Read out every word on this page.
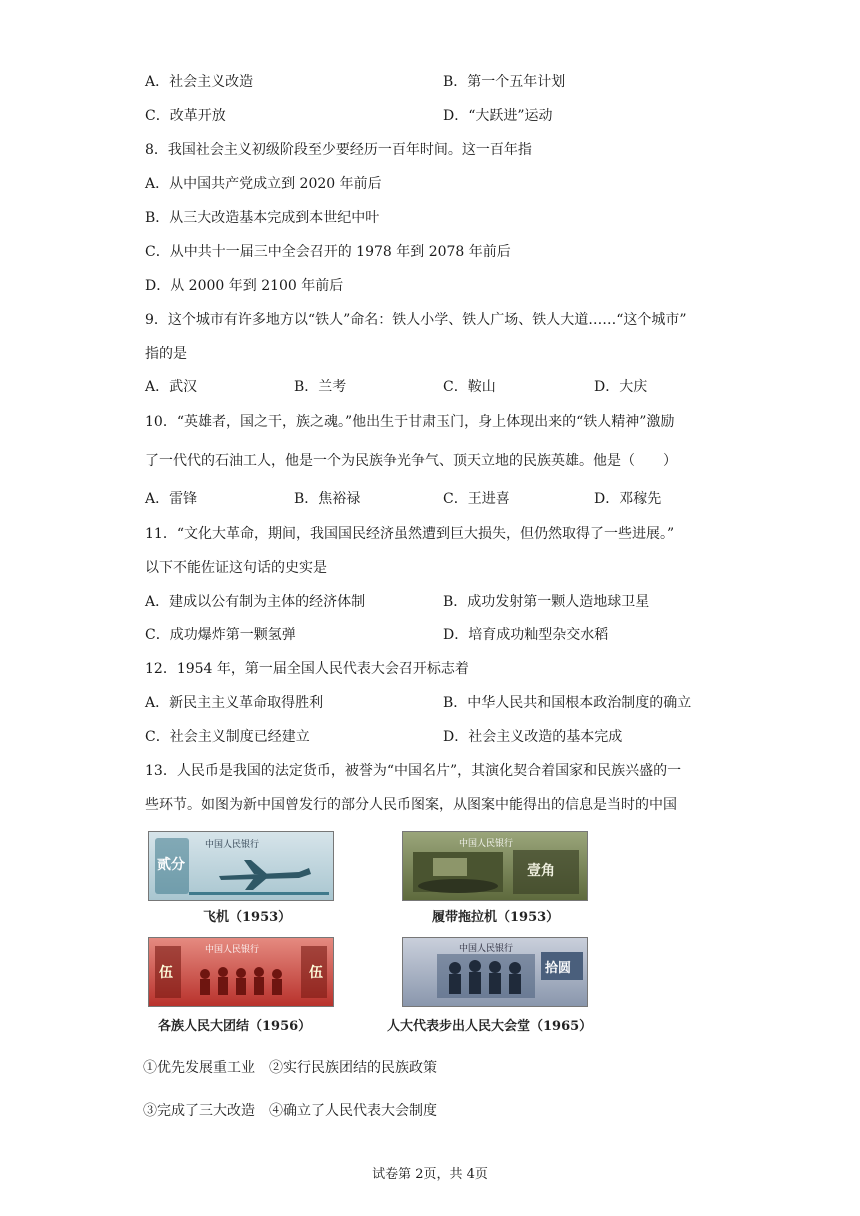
A．社会主义改造	B．第一个五年计划
C．改革开放	D．“大跃进”运动
8．我国社会主义初级阶段至少要经历一百年时间。这一百年指
A．从中国共产党成立到 2020 年前后
B．从三大改造基本完成到本世纪中叶
C．从中共十一届三中全会召开的 1978 年到 2078 年前后
D．从 2000 年到 2100 年前后
9．这个城市有许多地方以“铁人”命名：铁人小学、铁人广场、铁人大道……“这个城市”
指的是
A．武汉	B．兰考	C．鞍山	D．大庆
10．“英雄者，国之干，族之魂。”他出生于甘肃玉门，身上体现出来的“铁人精神”激励
了一代代的石油工人，他是一个为民族争光争气、顶天立地的民族英雄。他是（　　）
A．雷锋	B．焦裕禄	C．王进喜	D．邓稼先
11．“文化大革命，期间，我国国民经济虽然遭到巨大损失，但仍然取得了一些进展。”
以下不能佐证这句话的史实是
A．建成以公有制为主体的经济体制	B．成功发射第一颗人造地球卫星
C．成功爆炸第一颗氢弹	D．培育成功籼型杂交水稻
12．1954 年，第一届全国人民代表大会召开标志着
A．新民主主义革命取得胜利	B．中华人民共和国根本政治制度的确立
C．社会主义制度已经建立	D．社会主义改造的基本完成
13．人民币是我国的法定货币，被誉为“中国名片”，其演化契合着国家和民族兴盛的一
些环节。如图为新中国曾发行的部分人民币图案，从图案中能得出的信息是当时的中国
贰分
中国人民银行
飞机（1953）
中国人民银行
壹角
履带拖拉机（1953）
伍
中国人民银行
伍
各族人民大团结（1956）
中国人民银行
拾圆
人大代表步出人民大会堂（1965）
①优先发展重工业　②实行民族团结的民族政策
③完成了三大改造　④确立了人民代表大会制度
试卷第 2页，共 4页
